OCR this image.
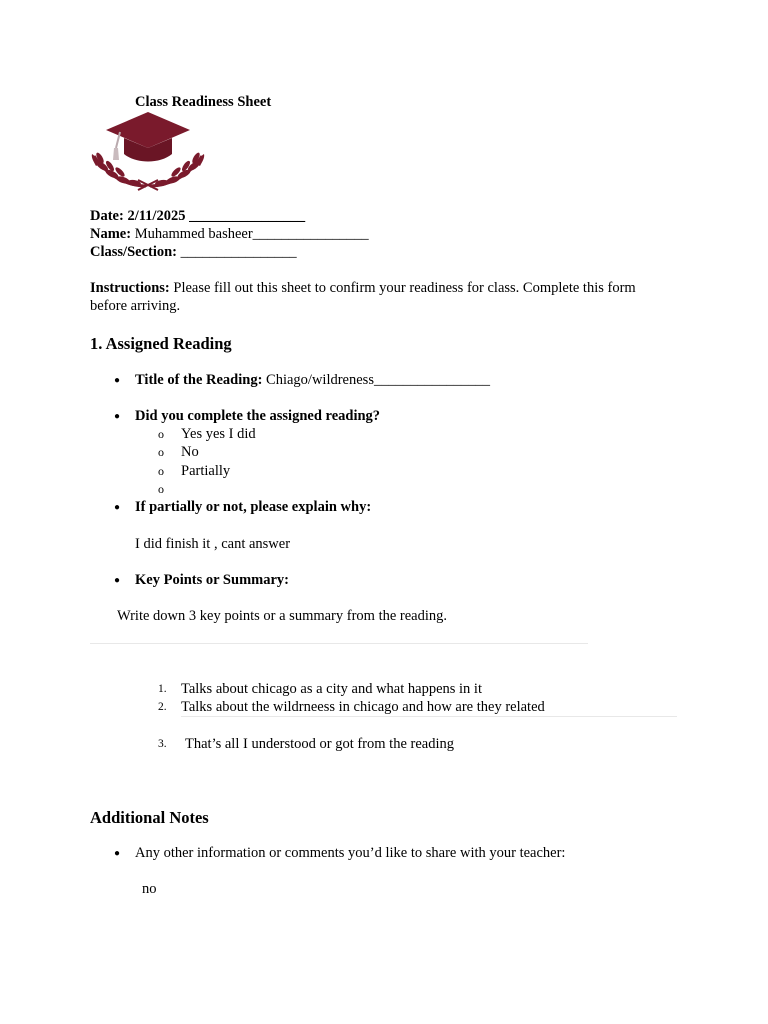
Class Readiness Sheet
Date: 2/11/2025 ________________
Name: Muhammed basheer________________
Class/Section: ________________
Instructions: Please fill out this sheet to confirm your readiness for class. Complete this form
before arriving.
1. Assigned Reading
● Title of the Reading: Chiago/wildreness________________
● Did you complete the assigned reading?
o Yes yes I did
o No
o Partially
o
● If partially or not, please explain why:
I did finish it , cant answer
● Key Points or Summary:
Write down 3 key points or a summary from the reading.
1. Talks about chicago as a city and what happens in it
2. Talks about the wildrneess in chicago and how are they related
3. That’s all I understood or got from the reading
Additional Notes
● Any other information or comments you’d like to share with your teacher:
no
